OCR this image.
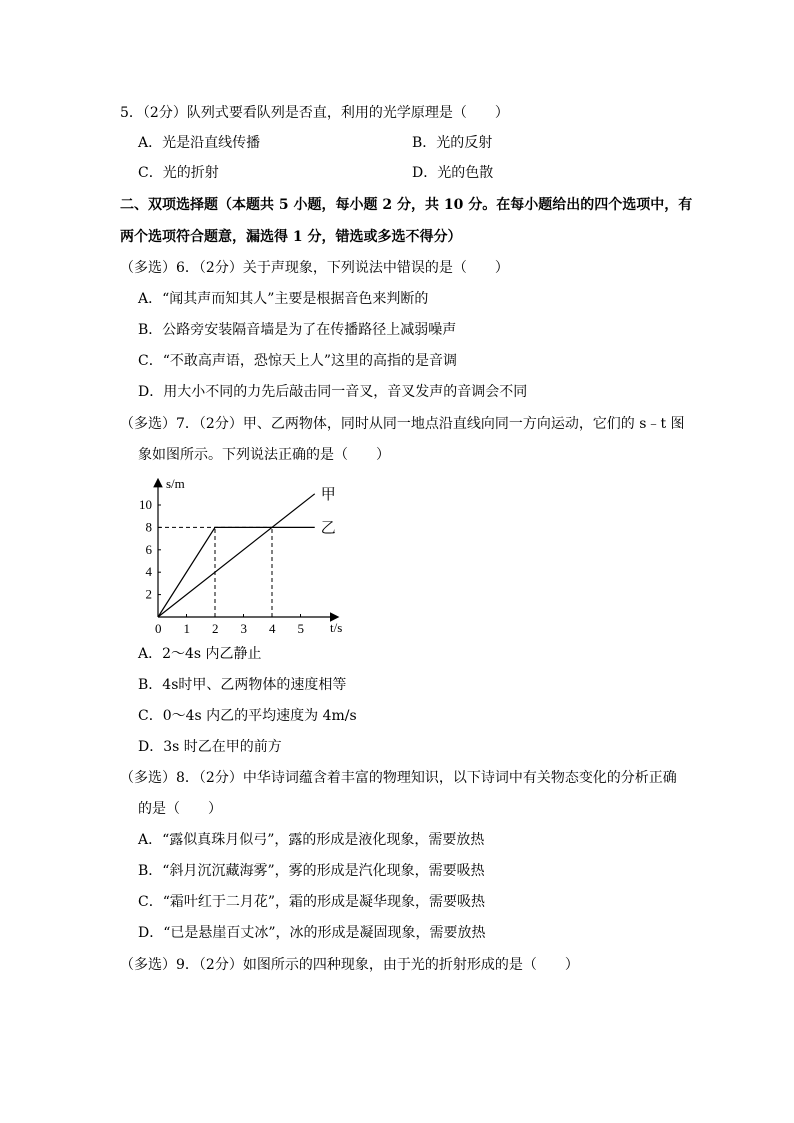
5．（2分）队列式要看队列是否直，利用的光学原理是（　　）
A．光是沿直线传播	B．光的反射
C．光的折射	D．光的色散
二、双项选择题（本题共 5 小题，每小题 2 分，共 10 分。在每小题给出的四个选项中，有
两个选项符合题意，漏选得 1 分，错选或多选不得分）
（多选）6．（2分）关于声现象，下列说法中错误的是（　　）
A．“闻其声而知其人”主要是根据音色来判断的
B．公路旁安装隔音墙是为了在传播路径上减弱噪声
C．“不敢高声语，恐惊天上人”这里的高指的是音调
D．用大小不同的力先后敲击同一音叉，音叉发声的音调会不同
（多选）7．（2分）甲、乙两物体，同时从同一地点沿直线向同一方向运动，它们的 s﹣t 图
象如图所示。下列说法正确的是（　　）
甲
乙
0 1 2 3 4 5
2
4
6
8
10
s/m
t/s
A．2～4s 内乙静止
B．4s时甲、乙两物体的速度相等
C．0～4s 内乙的平均速度为 4m/s
D．3s 时乙在甲的前方
（多选）8．（2分）中华诗词蕴含着丰富的物理知识，以下诗词中有关物态变化的分析正确
的是（　　）
A．“露似真珠月似弓”，露的形成是液化现象，需要放热
B．“斜月沉沉藏海雾”，雾的形成是汽化现象，需要吸热
C．“霜叶红于二月花”，霜的形成是凝华现象，需要吸热
D．“已是悬崖百丈冰”，冰的形成是凝固现象，需要放热
（多选）9．（2分）如图所示的四种现象，由于光的折射形成的是（　　）
